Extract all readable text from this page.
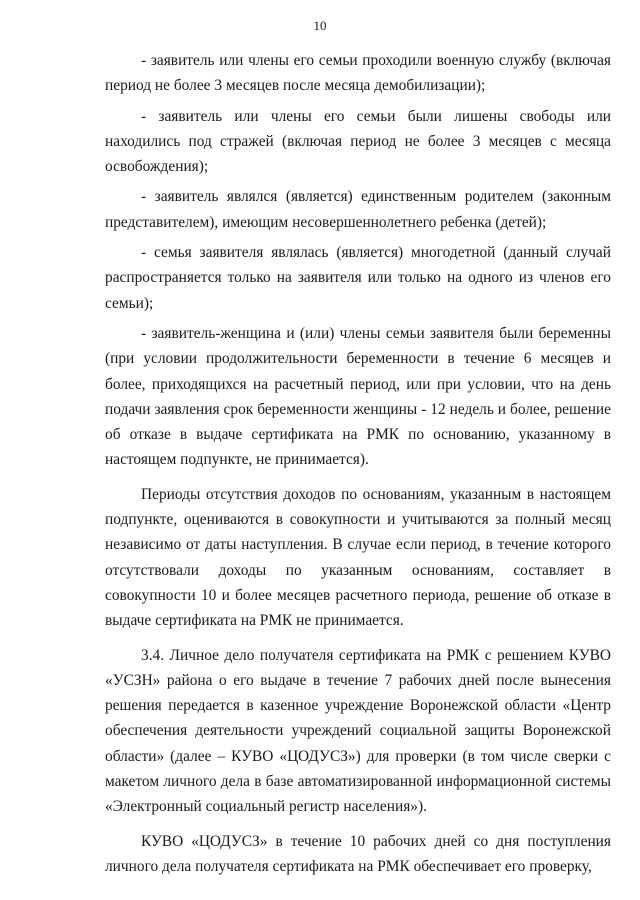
10

- заявитель или члены его семьи проходили военную службу (включая период не более 3 месяцев после месяца демобилизации);

- заявитель или члены его семьи были лишены свободы или находились под стражей (включая период не более 3 месяцев с месяца освобождения);

- заявитель являлся (является) единственным родителем (законным представителем), имеющим несовершеннолетнего ребенка (детей);

- семья заявителя являлась (является) многодетной (данный случай распространяется только на заявителя или только на одного из членов его семьи);

- заявитель-женщина и (или) члены семьи заявителя были беременны (при условии продолжительности беременности в течение 6 месяцев и более, приходящихся на расчетный период, или при условии, что на день подачи заявления срок беременности женщины - 12 недель и более, решение об отказе в выдаче сертификата на РМК по основанию, указанному в настоящем подпункте, не принимается).

Периоды отсутствия доходов по основаниям, указанным в настоящем подпункте, оцениваются в совокупности и учитываются за полный месяц независимо от даты наступления. В случае если период, в течение которого отсутствовали доходы по указанным основаниям, составляет в совокупности 10 и более месяцев расчетного периода, решение об отказе в выдаче сертификата на РМК не принимается.

3.4. Личное дело получателя сертификата на РМК с решением КУВО «УСЗН» района о его выдаче в течение 7 рабочих дней после вынесения решения передается в казенное учреждение Воронежской области «Центр обеспечения деятельности учреждений социальной защиты Воронежской области» (далее – КУВО «ЦОДУСЗ») для проверки (в том числе сверки с макетом личного дела в базе автоматизированной информационной системы «Электронный социальный регистр населения»).

КУВО «ЦОДУСЗ» в течение 10 рабочих дней со дня поступления личного дела получателя сертификата на РМК обеспечивает его проверку,
